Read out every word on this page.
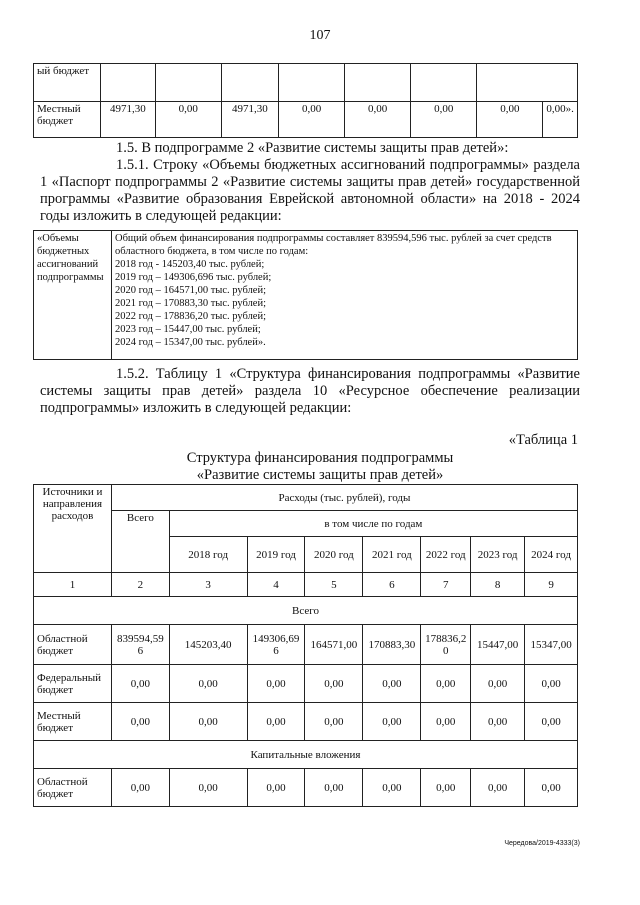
107
ый бюджет								
Местный бюджет	4971,30	0,00	4971,30	0,00	0,00	0,00	0,00	0,00».
1.5. В подпрограмме 2 «Развитие системы защиты прав детей»:
1.5.1. Строку «Объемы бюджетных ассигнований подпрограммы» раздела 1 «Паспорт подпрограммы 2 «Развитие системы защиты прав детей» государственной программы «Развитие образования Еврейской автономной области» на 2018 - 2024 годы изложить в следующей редакции:
«Объемы бюджетных ассигнований подпрограммы	
Общий объем финансирования подпрограммы составляет 839594,596 тыс. рублей за счет средств областного бюджета, в том числе по годам:
2018 год - 145203,40 тыс. рублей;
2019 год – 149306,696 тыс. рублей;
2020 год – 164571,00 тыс. рублей;
2021 год – 170883,30 тыс. рублей;
2022 год – 178836,20 тыс. рублей;
2023 год – 15447,00 тыс. рублей;
2024 год – 15347,00 тыс. рублей».
1.5.2. Таблицу 1 «Структура финансирования подпрограммы «Развитие системы защиты прав детей» раздела 10 «Ресурсное обеспечение реализации подпрограммы» изложить в следующей редакции:
«Таблица 1
Структура финансирования подпрограммы
«Развитие системы защиты прав детей»
Источники и направления расходов	Расходы (тыс. рублей), годы							
	Всего	в том числе по годам						
		2018 год	2019 год	2020 год	2021 год	2022 год	2023 год	2024 год
1	2	3	4	5	6	7	8	9
Всего								
Областной бюджет	839594,596	145203,40	149306,696	164571,00	170883,30	178836,20	15447,00	15347,00
Федеральный бюджет	0,00	0,00	0,00	0,00	0,00	0,00	0,00	0,00
Местный бюджет	0,00	0,00	0,00	0,00	0,00	0,00	0,00	0,00
Капитальные вложения								
Областной бюджет	0,00	0,00	0,00	0,00	0,00	0,00	0,00	0,00
Чередова/2019-4333(3)
